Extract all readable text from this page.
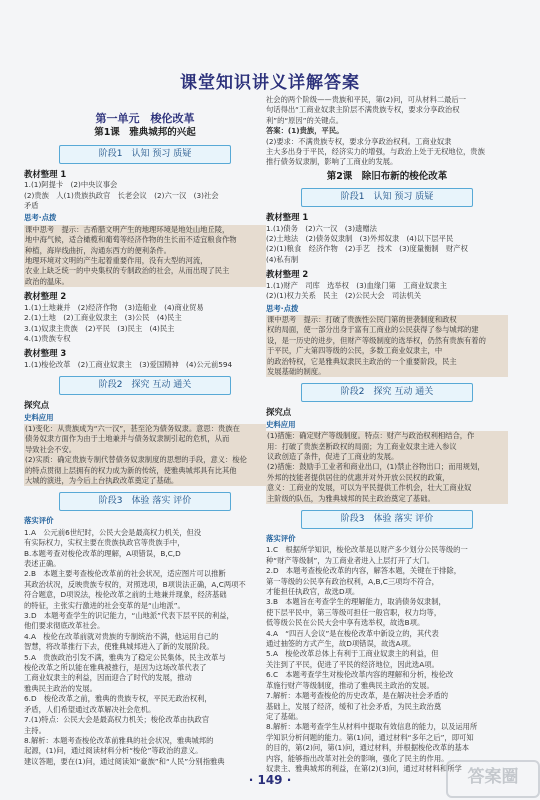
课堂知识讲义详解答案
第一单元　梭伦改革
第1课　雅典城邦的兴起
阶段1　认知 预习 质疑
教材整理 1
1.(1)阿提卡　(2)中央议事会
(2)贵族　人(1)贵族执政官　长老会议　(2)六一汉　(3)社会
矛盾
思考·点拨
课中思考　提示：古希腊文明产生的地理环境是地处山地丘陵，
地中海气候，适合橄榄和葡萄等经济作物的生长而不适宜粮食作物
种植，海岸线曲折，沟通东西方的便利条件。
地理环境对文明的产生起着重要作用，没有大型的河流，
农业上缺乏统一的中央集权的专制政治的社会，从而出现了民主
政治的温床。
教材整理 2
1.(1)土地兼并　(2)经济作物　(3)造船业　(4)商业贸易
2.(1)土地　(2)工商业奴隶主　(3)公民　(4)民主
3.(1)奴隶主贵族　(2)平民　(3)民主　(4)民主
4.(1)贵族专权
教材整理 3
1.(1)梭伦改革　(2)工商业奴隶主　(3)爱国精神　(4)公元前594
阶段2　探究 互动 通关
探究点
史料应用
(1)变化：从贵族成为“六一汉”，甚至沦为债务奴隶。意思：贵族在
债务奴隶方面作为由于土地兼并与债务奴隶制引起的危机，从而
导致社会不安。
(2)实质：确定贵族专制代替债务奴隶制度的思想的手段，意义：梭伦
的特点贯彻上层拥有的权力成为新的传统，使雅典城邦具有比其他
大城的演进，为今后上台执政改革奠定了基础。
阶段3　体验 落实 评价
落实评价
1.A　公元前6世纪时，公民大会是最高权力机关，但没
有实际权力，实权主要在贵族执政官等贵族手中，
B.本题考查对梭伦改革的理解，A项错误，B,C,D
表述正确。
2.B　本题主要考查梭伦改革前的社会状况，适应图片可以推断
其政治状况，反映贵族专权的，对照选项，B项说法正确，A,C两项不
符合题意，D项说法，梭伦改革之前的土地兼并现象，经济基础
的特征，主张实行激进的社会变革的是“山地派”。
3.D　本题考查学生的识记能力，“山地派”代表下层平民的利益，
他们要求彻底改革社会。
4.A　梭伦在改革前就对贵族的专制统治不满，他运用自己的
智慧，将改革推行下去，使雅典城邦进入了新的发展阶段。
5.A　贵族政治引发不满，雅典为了稳定公民集体，民主改革与
梭伦改革之所以能在雅典被推行，是因为这场改革代表了
工商业奴隶主的利益，因而迎合了时代的发展，推动
雅典民主政治的发展。
6.D　梭伦改革之前，雅典的贵族专权，平民无政治权利，
矛盾，人们希望通过改革解决社会危机。
7.(1)特点：公民大会是最高权力机关；梭伦改革由执政官
主持。
8.解析：本题考查梭伦改革前雅典的社会状况，雅典城邦的
起源，(1)问，通过阅读材料分析“梭伦”等政治的意义。
建议答题，要在(1)问，通过阅读知“豪族”和“人民”分别指雅典
社会的两个阶级——贵族和平民，第(2)问，可从材料二最后一
句话得出“工商业奴隶主阶层不满贵族专权，要求分享政治权
利”的“原因”的关键点。
答案：(1)贵族，平民。
(2)要求：不满贵族专权，要求分享政治权利。工商业奴隶
主大多出身于平民，经济实力的增强，与政治上处于无权地位，贵族
推行债务奴隶制，影响了工商业的发展。
第2课　除旧布新的梭伦改革
阶段1　认知 预习 质疑
教材整理 1
1.(1)债务　(2)六一汉　(3)遗赠法
(2)土地法　(2)债务奴隶制　(3)外邦奴隶　(4)以下层平民
(2)(1)粮食　经济作物　(2)手艺　技术　(3)度量衡制　财产权
(4)私有制
教材整理 2
1.(1)财产　司库　选举权　(3)血缘门第　工商业奴隶主
(2)(1)权力关系　民主　(2)公民大会　司法机关
思考·点拨
课中思考　提示：打破了贵族性公民门第的世袭制度和政权
权的局面，使一部分出身于富有工商业的公民获得了参与城邦的建
设，是一历史的进步，但财产等级制度的选举权，仍然有贵族有着的
于平民，广大第四等级的公民，多数工商业奴隶主，中
的政治特权，它是雅典奴隶民主政治的一个重要阶段，民主
发展基础的制度。
阶段2　探究 互动 通关
探究点
史料应用
(1)措施：确定财产等级制度。特点：财产与政治权利相结合，作
用：打破了贵族垄断政权的局面；为工商业奴隶主进入参议
议政创造了条件，促进了工商业的发展。
(2)措施：鼓励手工业者和商业出口，(1)禁止谷物出口；而用规划，
外邦的技能者提供居住的优惠并对外开放公民权的政策，
意义：工商业的发展，可以为平民提供工作机会，壮大工商业奴
主阶级的队伍，为雅典城邦的民主政治奠定了基础。
阶段3　体验 落实 评价
落实评价
1.C　根据所学知识，梭伦改革是以财产多少划分公民等级的一
种“财产等级制”，为工商业者进入上层打开了大门。
2.D　本题考查梭伦改革的内容，解答本题，关键在于排除，
第一等级的公民享有政治权利，A,B,C三项均不符合，
才能担任执政官，故选D项。
3.B　本题旨在考查学生的理解能力，取消债务奴隶制，
使下层平民中，第三等级可担任一般官职，权力均等，
低等级公民在公民大会中享有选举权，故选B项。
4.A　“四百人会议”是在梭伦改革中新设立的，其代表
通过抽签的方式产生，故D项错误，故选A项。
5.A　梭伦改革总体上有利于工商业奴隶主的利益，但
关注到了平民，促进了平民的经济地位，因此选A项。
6.C　本题考查学生对梭伦改革内容的理解和分析，梭伦改
革施行财产等级制度，推动了雅典民主政治的发展。
7.解析：本题考查梭伦的历史改革，是在解决社会矛盾的
基础上，发展了经济，缓和了社会矛盾，为民主政治奠
定了基础。
8.解析：本题考查学生从材料中提取有效信息的能力，以及运用所
学知识分析问题的能力。第(1)问，通过材料“多年之后”，即可知
的目的，第(2)问，第(1)问，通过材料，并根据梭伦改革的基本
内容，能够指出改革对社会的影响，强化了民主的作用。
奴隶主、雅典城邦的利益，在第(2)(3)问，通过对材料和所学
· 149 ·	答案圈
